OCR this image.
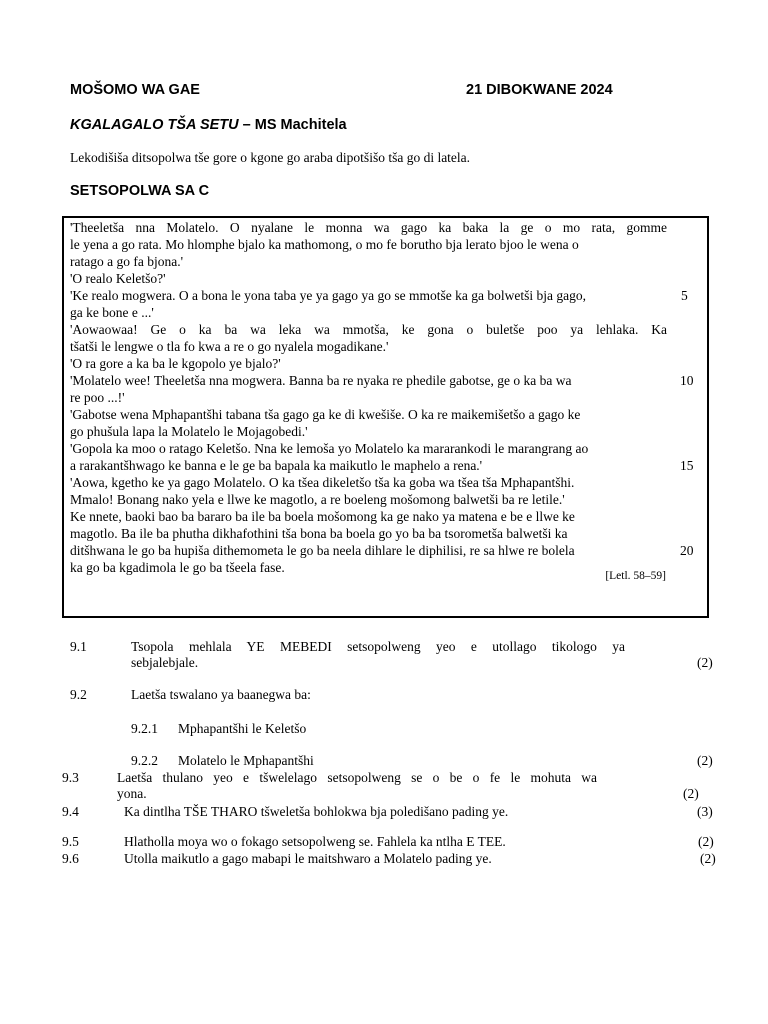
MOŠOMO WA GAE	21 DIBOKWANE 2024
KGALAGALO TŠA SETU – MS Machitela
Lekodišiša ditsopolwa tše gore o kgone go araba dipotšišo tša go di latela.
SETSOPOLWA SA C
'Theeletša nna Molatelo. O nyalane le monna wa gago ka baka la ge o mo rata, gomme
le yena a go rata. Mo hlomphe bjalo ka mathomong, o mo fe borutho bja lerato bjoo le wena o
ratago a go fa bjona.'
'O realo Keletšo?'
'Ke realo mogwera. O a bona le yona taba ye ya gago ya go se mmotše ka ga bolwetši bja gago,
ga ke bone e ...'
'Aowaowaa! Ge o ka ba wa leka wa mmotša, ke gona o buletše poo ya lehlaka. Ka
tšatši le lengwe o tla fo kwa a re o go nyalela mogadikane.'
'O ra gore a ka ba le kgopolo ye bjalo?'
'Molatelo wee! Theeletša nna mogwera. Banna ba re nyaka re phedile gabotse, ge o ka ba wa
re poo ...!'
'Gabotse wena Mphapantšhi tabana tša gago ga ke di kwešiše. O ka re maikemišetšo a gago ke
go phušula lapa la Molatelo le Mojagobedi.'
'Gopola ka moo o ratago Keletšo. Nna ke lemoša yo Molatelo ka mararankodi le marangrang ao
a rarakantšhwago ke banna e le ge ba bapala ka maikutlo le maphelo a rena.'
'Aowa, kgetho ke ya gago Molatelo. O ka tšea dikeletšo tša ka goba wa tšea tša Mphapantšhi.
Mmalo! Bonang nako yela e llwe ke magotlo, a re boeleng mošomong balwetši ba re letile.'
Ke nnete, baoki bao ba bararo ba ile ba boela mošomong ka ge nako ya matena e be e llwe ke
magotlo. Ba ile ba phutha dikhafothini tša bona ba boela go yo ba ba tsorometša balwetši ka
ditšhwana le go ba hupiša dithemometa le go ba neela dihlare le diphilisi, re sa hlwe re bolela
ka go ba kgadimola le go ba tšeela fase.
5
10
15
20
[Letl. 58–59]
9.1	Tsopola mehlala YE MEBEDI setsopolweng yeo e utollago tikologo ya
sebjalebjale.	(2)
9.2	Laetša tswalano ya baanegwa ba:
9.2.1 Mphapantšhi le Keletšo
9.2.2 Molatelo le Mphapantšhi	(2)
9.3	Laetša thulano yeo e tšwelelago setsopolweng se o be o fe le mohuta wa
yona.	(2)
9.4	Ka dintlha TŠE THARO tšweletša bohlokwa bja poledišano pading ye.	(3)
9.5	Hlatholla moya wo o fokago setsopolweng se. Fahlela ka ntlha E TEE.	(2)
9.6	Utolla maikutlo a gago mabapi le maitshwaro a Molatelo pading ye.	(2)
